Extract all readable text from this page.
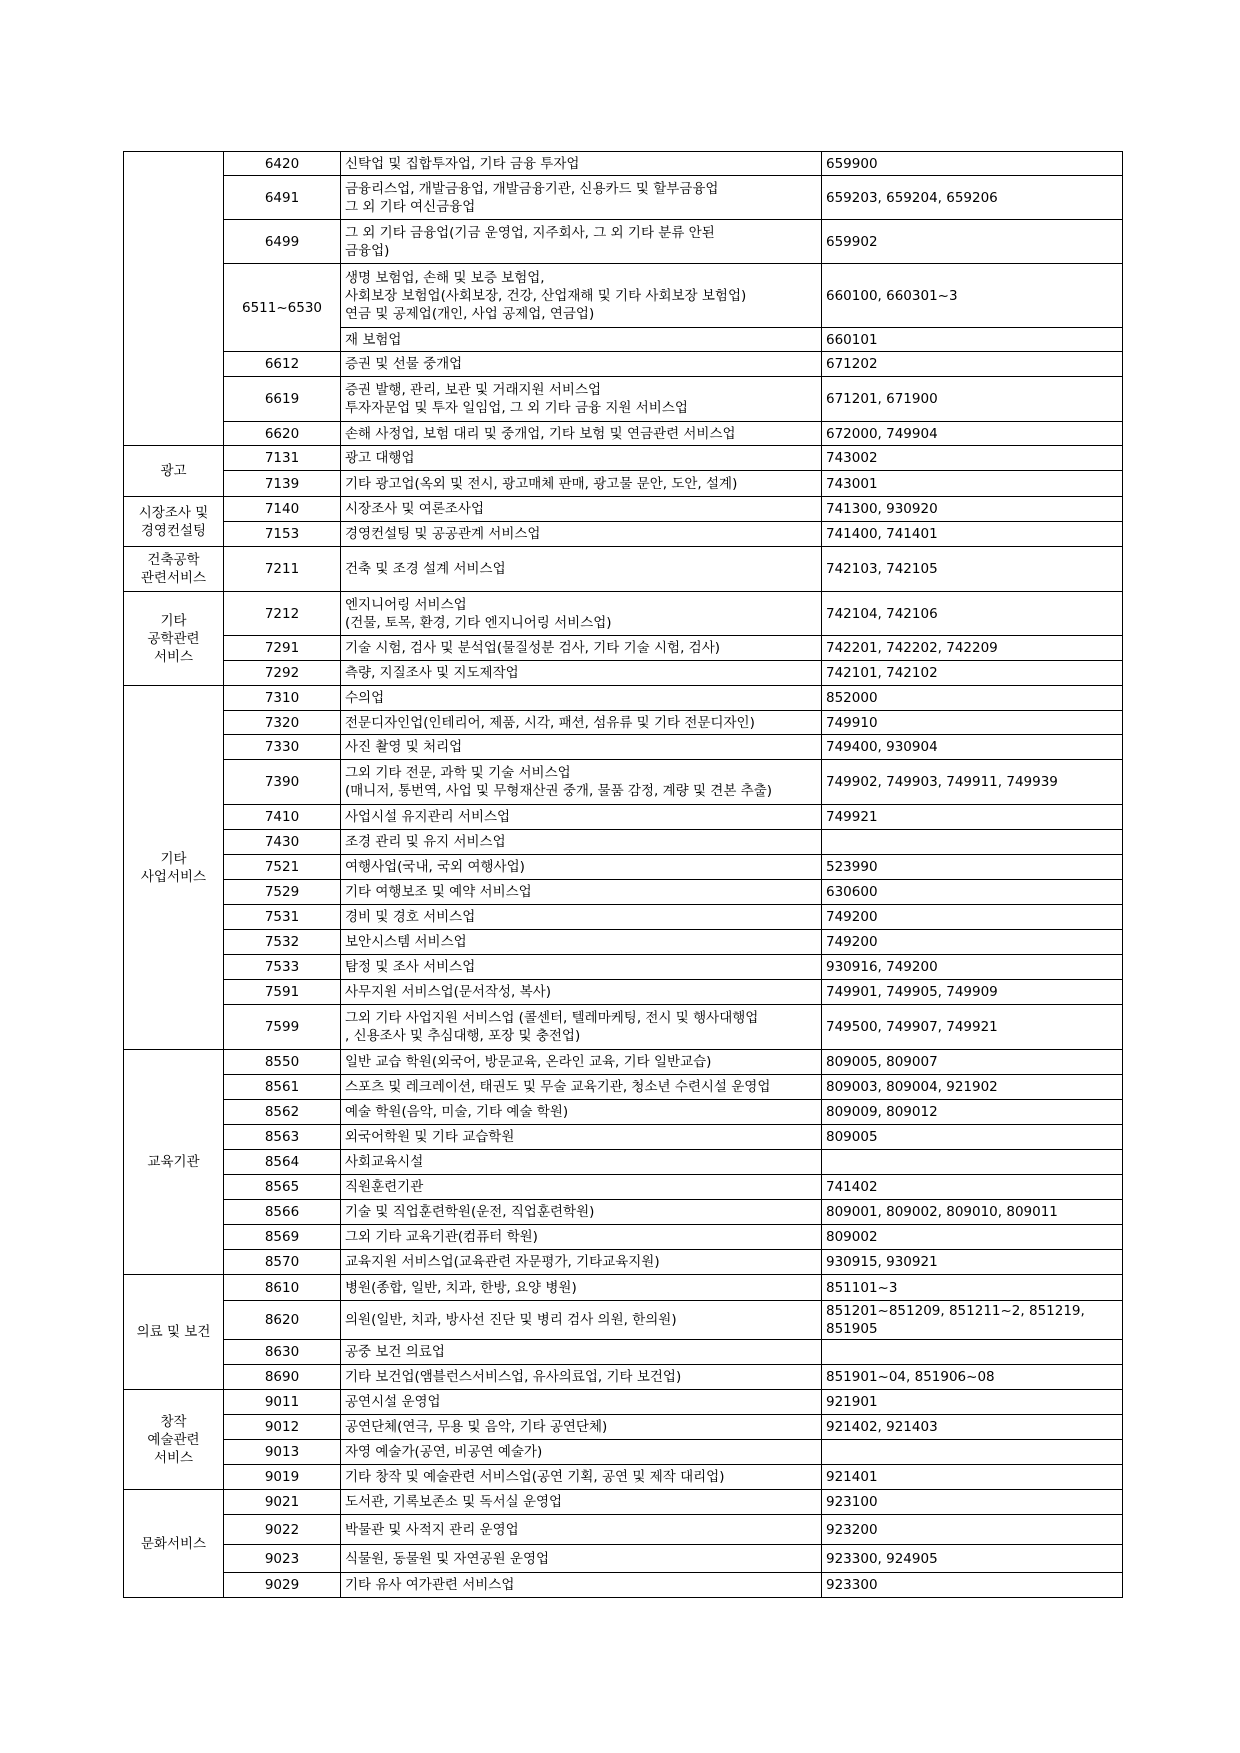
	6420	신탁업 및 집합투자업, 기타 금융 투자업	659900
	6491	금융리스업, 개발금융업, 개발금융기관, 신용카드 및 할부금융업
그 외 기타 여신금융업	659203, 659204, 659206
	6499	그 외 기타 금융업(기금 운영업, 지주회사, 그 외 기타 분류 안된
금융업)	659902
	6511~6530	생명 보험업, 손해 및 보증 보험업,
사회보장 보험업(사회보장, 건강, 산업재해 및 기타 사회보장 보험업)
연금 및 공제업(개인, 사업 공제업, 연금업)	660100, 660301~3
		재 보험업	660101
	6612	증권 및 선물 중개업	671202
	6619	증권 발행, 관리, 보관 및 거래지원 서비스업
투자자문업 및 투자 일임업, 그 외 기타 금융 지원 서비스업	671201, 671900
	6620	손해 사정업, 보험 대리 및 중개업, 기타 보험 및 연금관련 서비스업	672000, 749904
광고	7131	광고 대행업	743002
	7139	기타 광고업(옥외 및 전시, 광고매체 판매, 광고물 문안, 도안, 설계)	743001
시장조사 및
경영컨설팅	7140	시장조사 및 여론조사업	741300, 930920
	7153	경영컨설팅 및 공공관계 서비스업	741400, 741401
건축공학
관련서비스	7211	건축 및 조경 설계 서비스업	742103, 742105
기타
공학관련
서비스	7212	엔지니어링 서비스업
(건물, 토목, 환경, 기타 엔지니어링 서비스업)	742104, 742106
	7291	기술 시험, 검사 및 분석업(물질성분 검사, 기타 기술 시험, 검사)	742201, 742202, 742209
	7292	측량, 지질조사 및 지도제작업	742101, 742102
기타
사업서비스	7310	수의업	852000
	7320	전문디자인업(인테리어, 제품, 시각, 패션, 섬유류 및 기타 전문디자인)	749910
	7330	사진 촬영 및 처리업	749400, 930904
	7390	그외 기타 전문, 과학 및 기술 서비스업
(매니저, 통번역, 사업 및 무형재산권 중개, 물품 감정, 계량 및 견본 추출)	749902, 749903, 749911, 749939
	7410	사업시설 유지관리 서비스업	749921
	7430	조경 관리 및 유지 서비스업	
	7521	여행사업(국내, 국외 여행사업)	523990
	7529	기타 여행보조 및 예약 서비스업	630600
	7531	경비 및 경호 서비스업	749200
	7532	보안시스템 서비스업	749200
	7533	탐정 및 조사 서비스업	930916, 749200
	7591	사무지원 서비스업(문서작성, 복사)	749901, 749905, 749909
	7599	그외 기타 사업지원 서비스업 (콜센터, 텔레마케팅, 전시 및 행사대행업
, 신용조사 및 추심대행, 포장 및 충전업)	749500, 749907, 749921
교육기관	8550	일반 교습 학원(외국어, 방문교육, 온라인 교육, 기타 일반교습)	809005, 809007
	8561	스포츠 및 레크레이션, 태권도 및 무술 교육기관, 청소년 수련시설 운영업	809003, 809004, 921902
	8562	예술 학원(음악, 미술, 기타 예술 학원)	809009, 809012
	8563	외국어학원 및 기타 교습학원	809005
	8564	사회교육시설	
	8565	직원훈련기관	741402
	8566	기술 및 직업훈련학원(운전, 직업훈련학원)	809001, 809002, 809010, 809011
	8569	그외 기타 교육기관(컴퓨터 학원)	809002
	8570	교육지원 서비스업(교육관련 자문평가, 기타교육지원)	930915, 930921
의료 및 보건	8610	병원(종합, 일반, 치과, 한방, 요양 병원)	851101~3
	8620	의원(일반, 치과, 방사선 진단 및 병리 검사 의원, 한의원)	851201~851209, 851211~2, 851219, 851905
	8630	공중 보건 의료업	
	8690	기타 보건업(앰블런스서비스업, 유사의료업, 기타 보건업)	851901~04, 851906~08
창작
예술관련
서비스	9011	공연시설 운영업	921901
	9012	공연단체(연극, 무용 및 음악, 기타 공연단체)	921402, 921403
	9013	자영 예술가(공연, 비공연 예술가)	
	9019	기타 창작 및 예술관련 서비스업(공연 기획, 공연 및 제작 대리업)	921401
문화서비스	9021	도서관, 기록보존소 및 독서실 운영업	923100
	9022	박물관 및 사적지 관리 운영업	923200
	9023	식물원, 동물원 및 자연공원 운영업	923300, 924905
	9029	기타 유사 여가관련 서비스업	923300
